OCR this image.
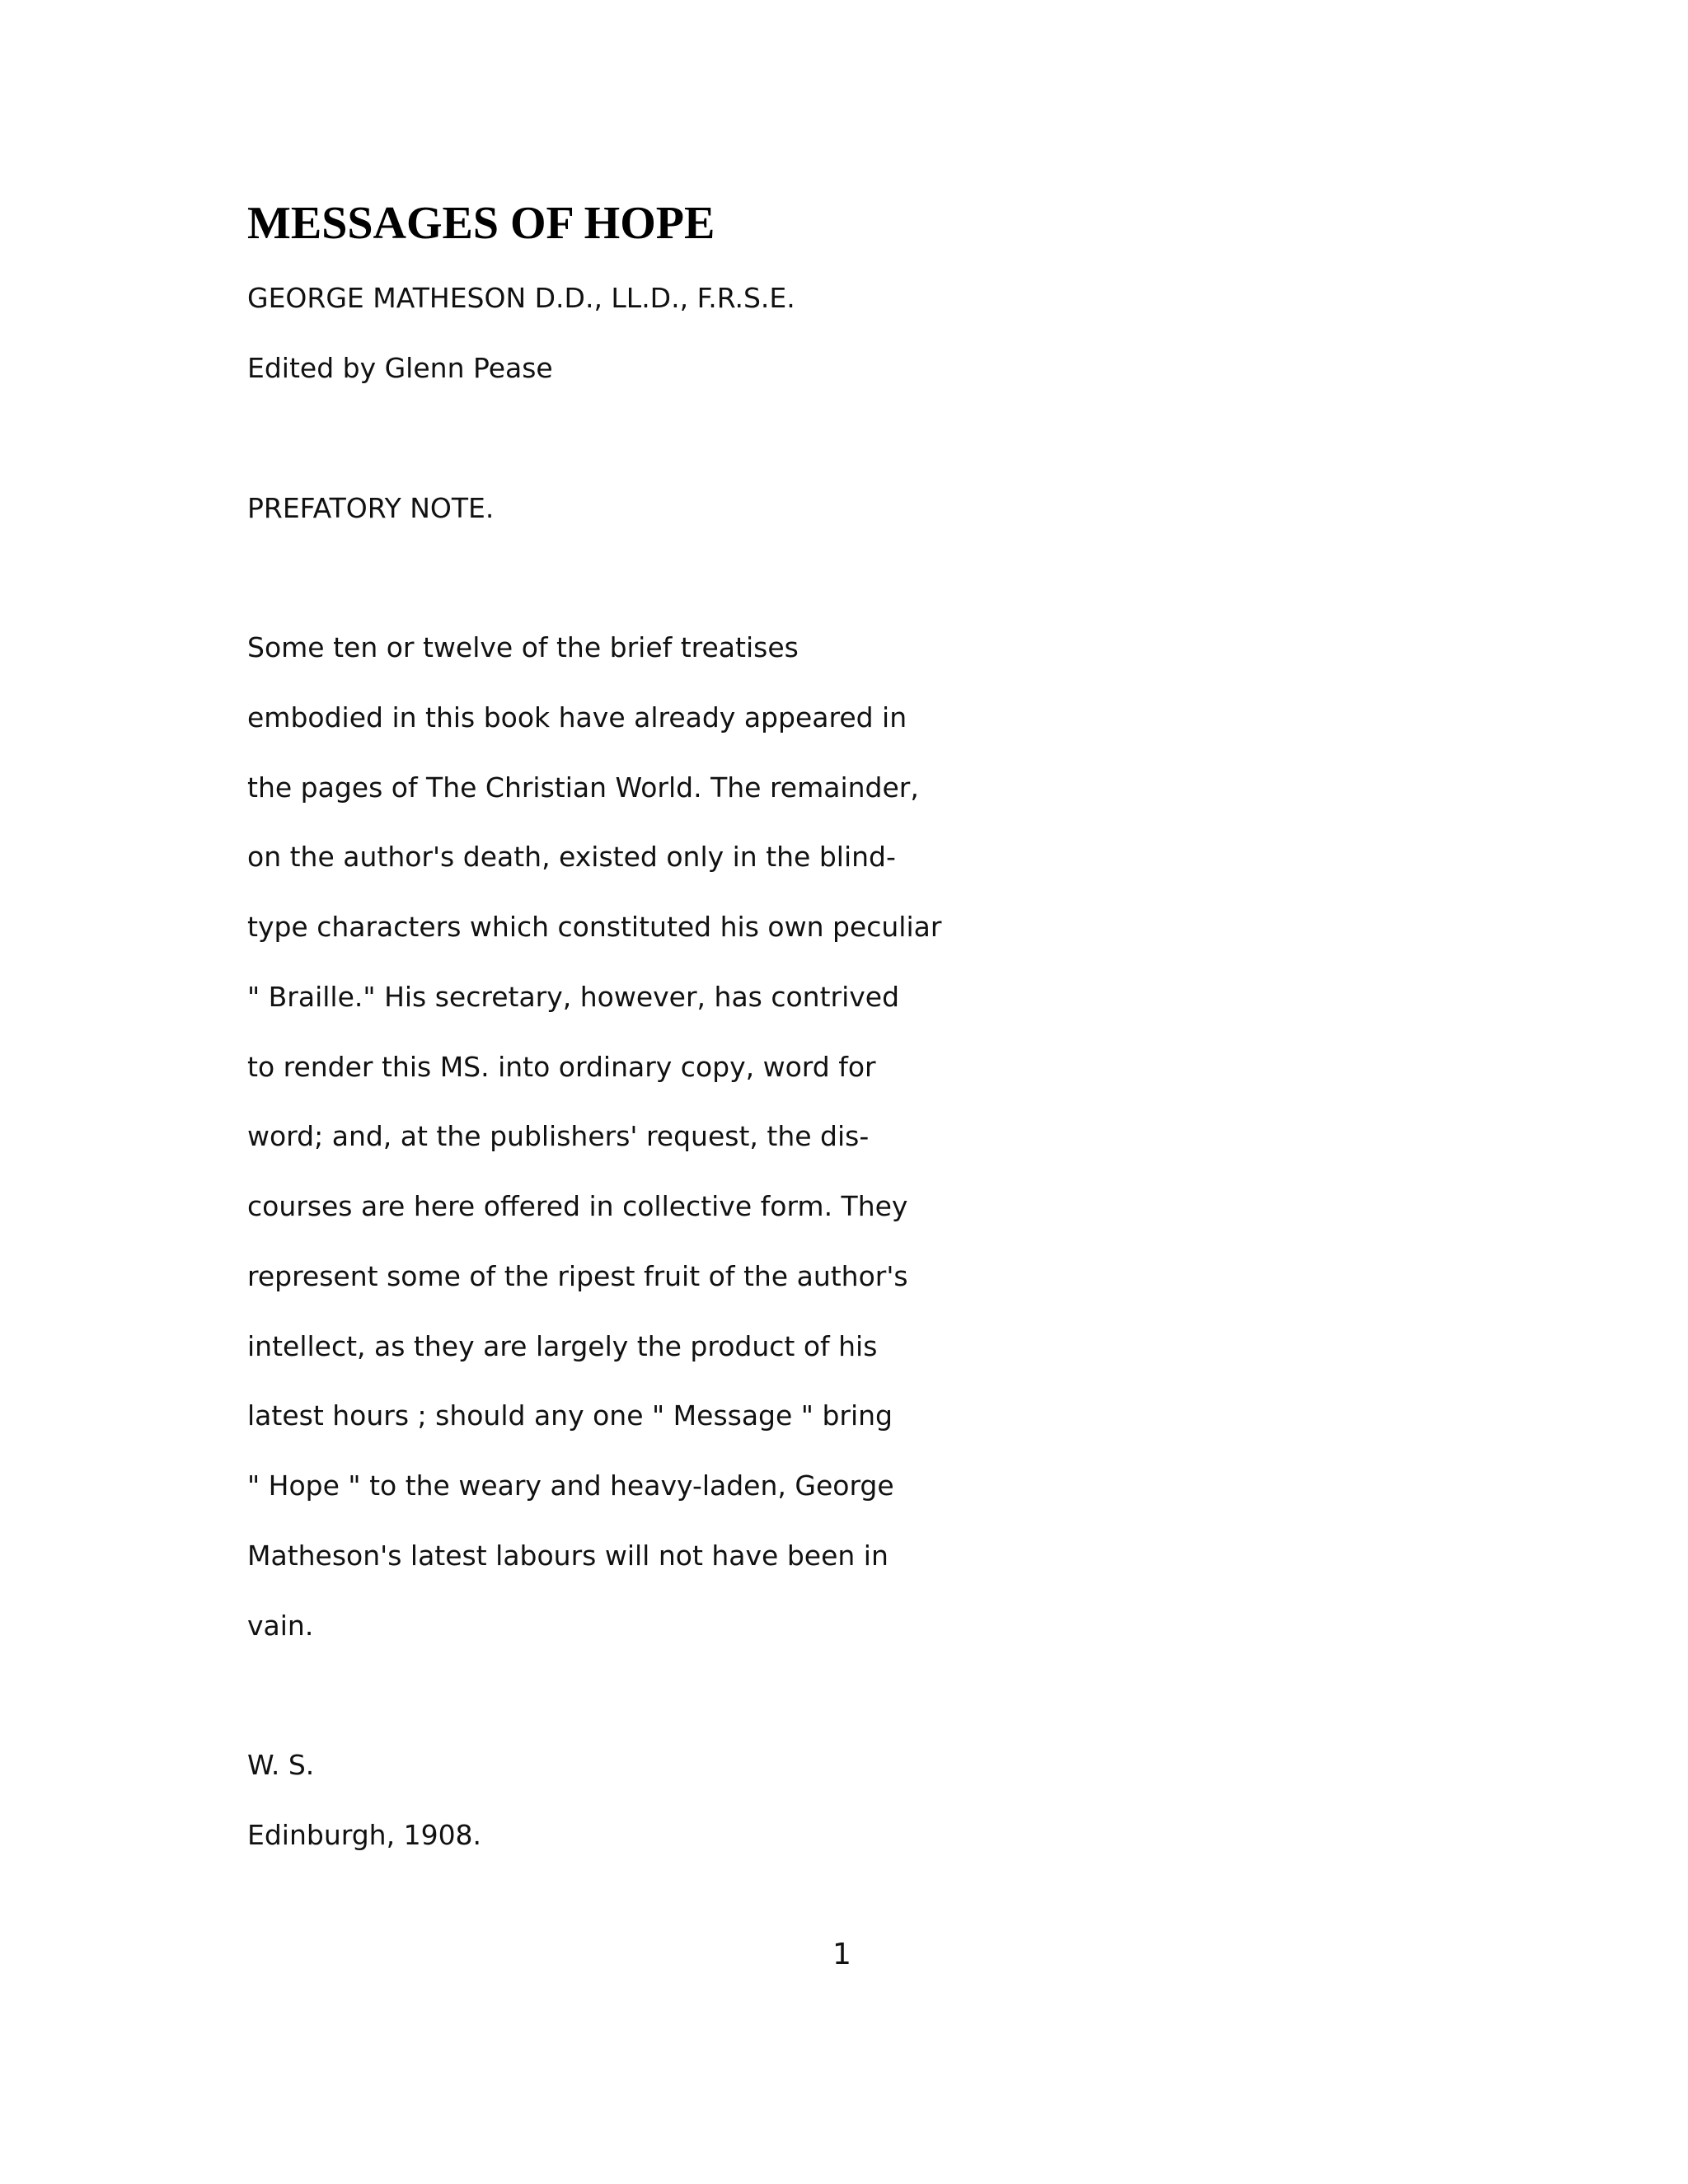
MESSAGES OF HOPE

GEORGE MATHESON D.D., LL.D., F.R.S.E.

Edited by Glenn Pease

PREFATORY NOTE.

Some ten or twelve of the brief treatises

embodied in this book have already appeared in

the pages of The Christian World. The remainder,

on the author's death, existed only in the blind-

type characters which constituted his own peculiar

" Braille." His secretary, however, has contrived

to render this MS. into ordinary copy, word for

word; and, at the publishers' request, the dis-

courses are here offered in collective form. They

represent some of the ripest fruit of the author's

intellect, as they are largely the product of his

latest hours ; should any one " Message " bring

" Hope " to the weary and heavy-laden, George

Matheson's latest labours will not have been in

vain.

W. S.

Edinburgh, 1908.

1
